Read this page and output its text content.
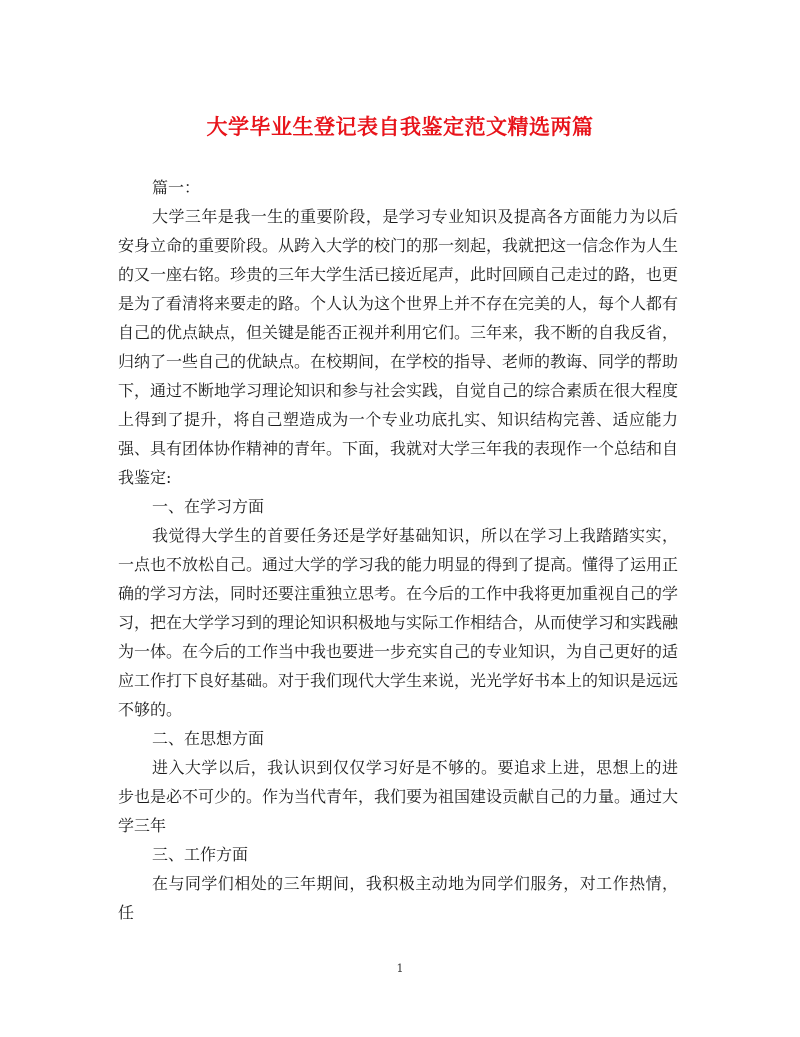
大学毕业生登记表自我鉴定范文精选两篇

篇一：

大学三年是我一生的重要阶段，是学习专业知识及提高各方面能力为以后安身立命的重要阶段。从跨入大学的校门的那一刻起，我就把这一信念作为人生的又一座右铭。珍贵的三年大学生活已接近尾声，此时回顾自己走过的路，也更是为了看清将来要走的路。个人认为这个世界上并不存在完美的人，每个人都有自己的优点缺点，但关键是能否正视并利用它们。三年来，我不断的自我反省，归纳了一些自己的优缺点。在校期间，在学校的指导、老师的教诲、同学的帮助下，通过不断地学习理论知识和参与社会实践，自觉自己的综合素质在很大程度上得到了提升，将自己塑造成为一个专业功底扎实、知识结构完善、适应能力强、具有团体协作精神的青年。下面，我就对大学三年我的表现作一个总结和自我鉴定:

一、在学习方面

我觉得大学生的首要任务还是学好基础知识，所以在学习上我踏踏实实，一点也不放松自己。通过大学的学习我的能力明显的得到了提高。懂得了运用正确的学习方法，同时还要注重独立思考。在今后的工作中我将更加重视自己的学习，把在大学学习到的理论知识积极地与实际工作相结合，从而使学习和实践融为一体。在今后的工作当中我也要进一步充实自己的专业知识，为自己更好的适应工作打下良好基础。对于我们现代大学生来说，光光学好书本上的知识是远远不够的。

二、在思想方面

进入大学以后，我认识到仅仅学习好是不够的。要追求上进，思想上的进步也是必不可少的。作为当代青年，我们要为祖国建设贡献自己的力量。通过大学三年

三、工作方面

在与同学们相处的三年期间，我积极主动地为同学们服务，对工作热情，任

1
